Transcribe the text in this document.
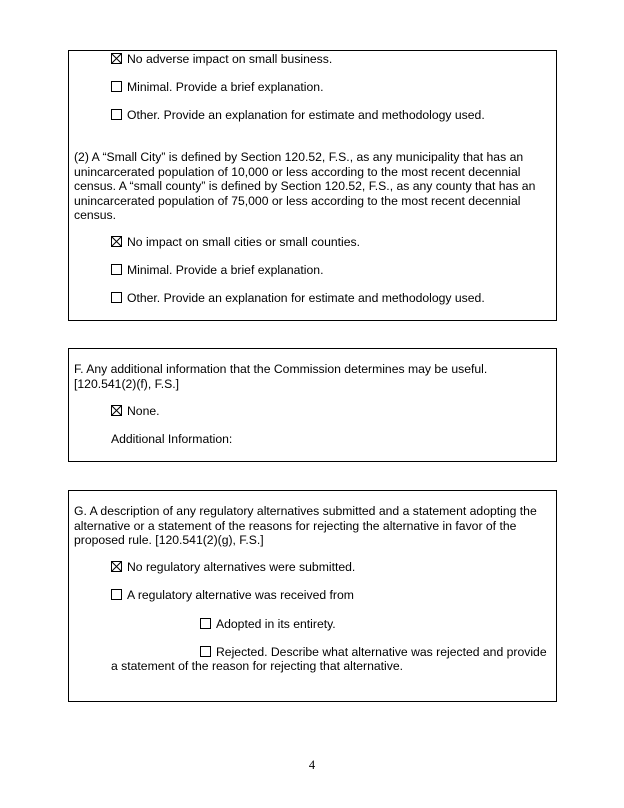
No adverse impact on small business.
Minimal. Provide a brief explanation.
Other. Provide an explanation for estimate and methodology used.
(2) A “Small City” is defined by Section 120.52, F.S., as any municipality that has an unincarcerated population of 10,000 or less according to the most recent decennial census. A “small county” is defined by Section 120.52, F.S., as any county that has an unincarcerated population of 75,000 or less according to the most recent decennial census.
No impact on small cities or small counties.
Minimal. Provide a brief explanation.
Other. Provide an explanation for estimate and methodology used.
F. Any additional information that the Commission determines may be useful. [120.541(2)(f), F.S.]
None.
Additional Information:
G. A description of any regulatory alternatives submitted and a statement adopting the alternative or a statement of the reasons for rejecting the alternative in favor of the proposed rule. [120.541(2)(g), F.S.]
No regulatory alternatives were submitted.
A regulatory alternative was received from
Adopted in its entirety.
Rejected. Describe what alternative was rejected and provide
a statement of the reason for rejecting that alternative.
4
